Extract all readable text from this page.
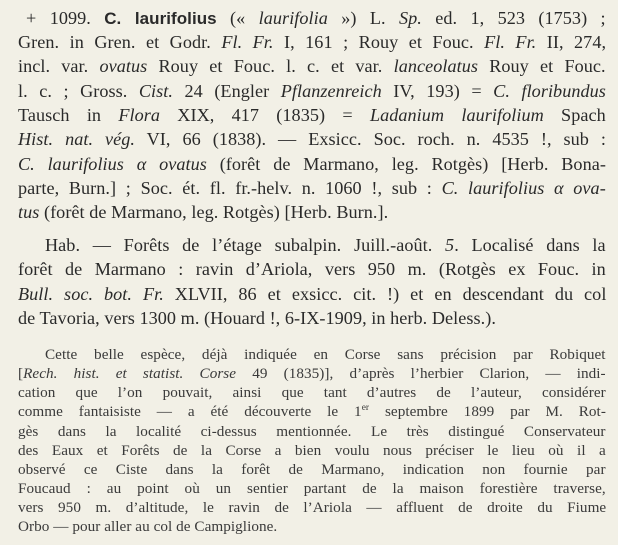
+ 1099. C. laurifolius (« laurifolia ») L. Sp. ed. 1, 523 (1753) ;
Gren. in Gren. et Godr. Fl. Fr. I, 161 ; Rouy et Fouc. Fl. Fr. II, 274,
incl. var. ovatus Rouy et Fouc. l. c. et var. lanceolatus Rouy et Fouc.
l. c. ; Gross. Cist. 24 (Engler Pflanzenreich IV, 193) = C. floribundus
Tausch in Flora XIX, 417 (1835) = Ladanium laurifolium Spach
Hist. nat. vég. VI, 66 (1838). — Exsicc. Soc. roch. n. 4535 !, sub :
C. laurifolius α ovatus (forêt de Marmano, leg. Rotgès) [Herb. Bona-
parte, Burn.] ; Soc. ét. fl. fr.-helv. n. 1060 !, sub : C. laurifolius α ova-
tus (forêt de Marmano, leg. Rotgès) [Herb. Burn.].
Hab. — Forêts de l’étage subalpin. Juill.-août. 5. Localisé dans la
forêt de Marmano : ravin d’Ariola, vers 950 m. (Rotgès ex Fouc. in
Bull. soc. bot. Fr. XLVII, 86 et exsicc. cit. !) et en descendant du col
de Tavoria, vers 1300 m. (Houard !, 6-IX-1909, in herb. Deless.).
Cette belle espèce, déjà indiquée en Corse sans précision par Robiquet
[Rech. hist. et statist. Corse 49 (1835)], d’après l’herbier Clarion, — indi-
cation que l’on pouvait, ainsi que tant d’autres de l’auteur, considérer
comme fantaisiste — a été découverte le 1er septembre 1899 par M. Rot-
gès dans la localité ci-dessus mentionnée. Le très distingué Conservateur
des Eaux et Forêts de la Corse a bien voulu nous préciser le lieu où il a
observé ce Ciste dans la forêt de Marmano, indication non fournie par
Foucaud : au point où un sentier partant de la maison forestière traverse,
vers 950 m. d’altitude, le ravin de l’Ariola — affluent de droite du Fiume
Orbo — pour aller au col de Campiglione.
